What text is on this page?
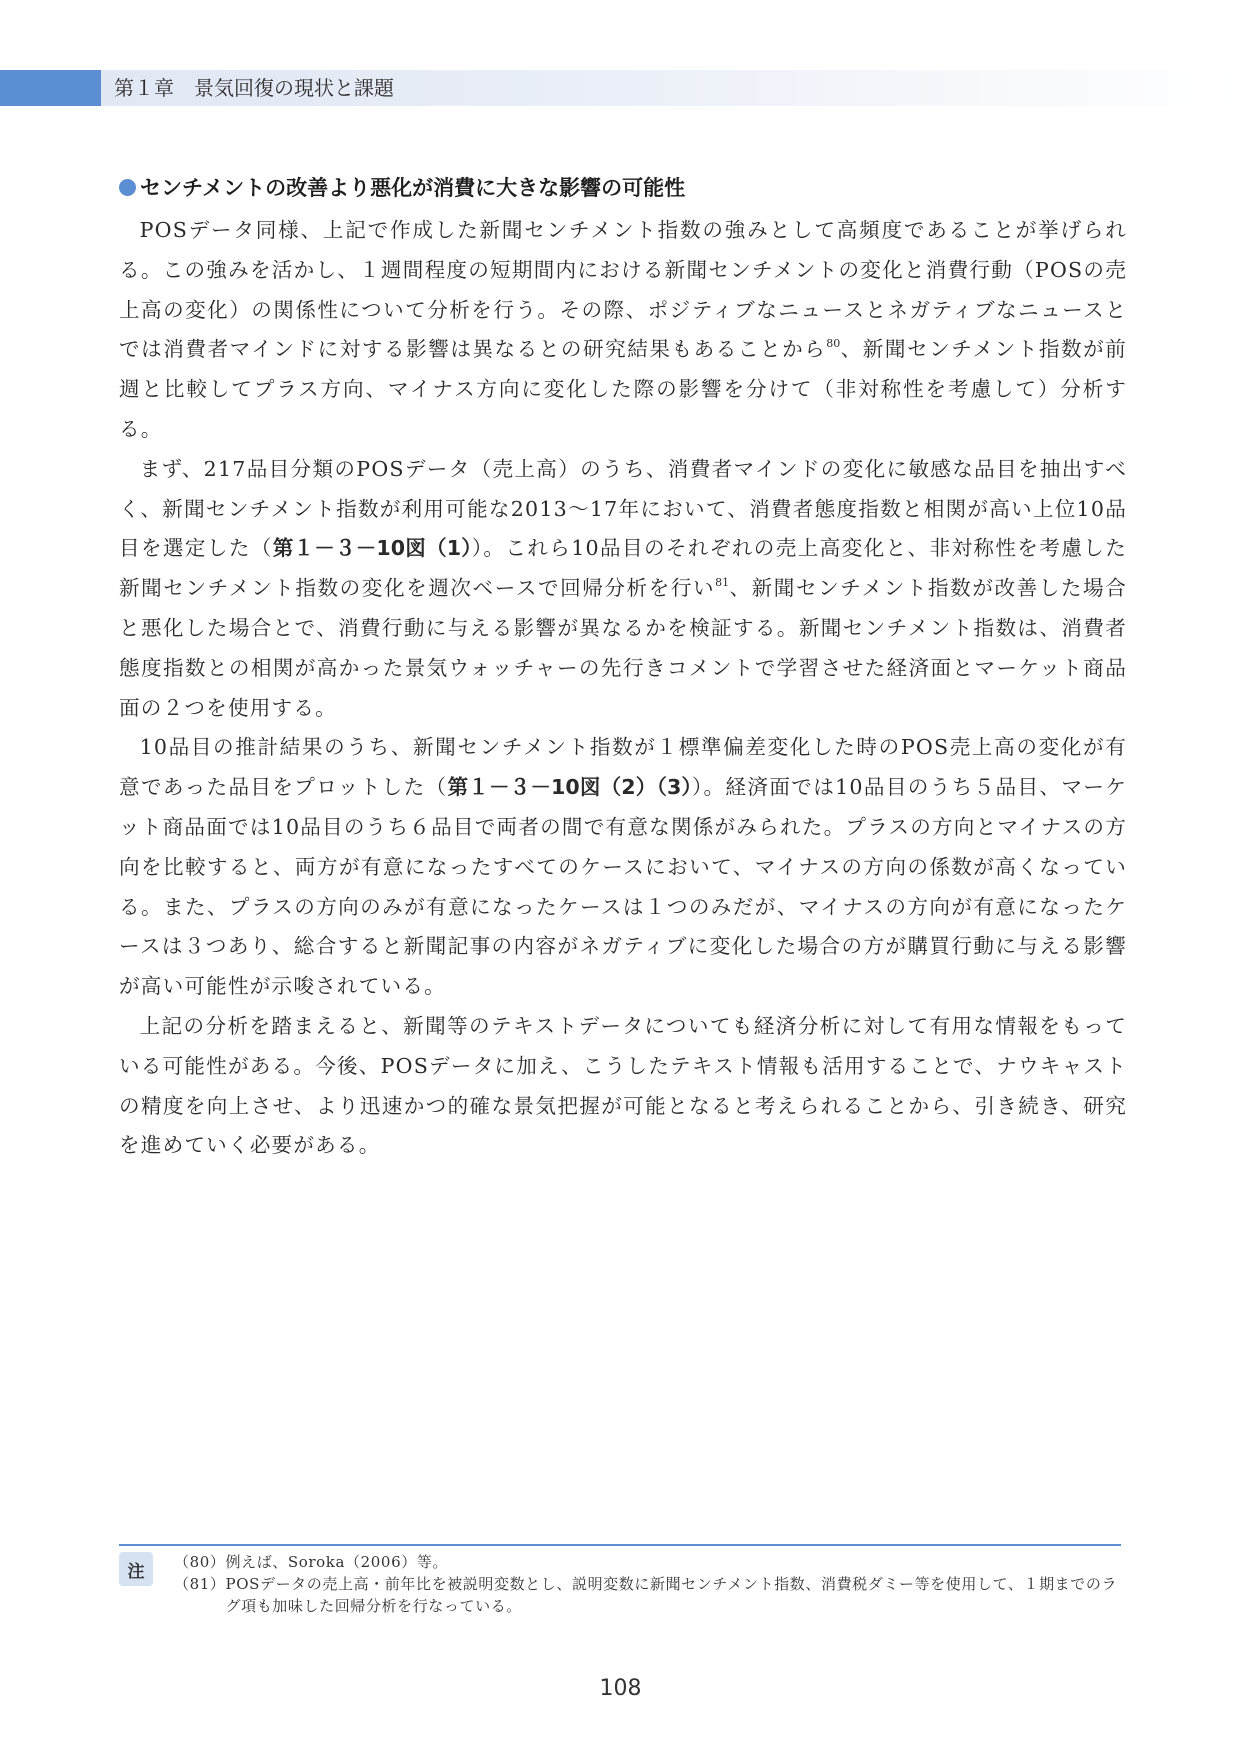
第１章　景気回復の現状と課題
センチメントの改善より悪化が消費に大きな影響の可能性

POSデータ同様、上記で作成した新聞センチメント指数の強みとして高頻度であることが挙げられる。この強みを活かし、１週間程度の短期間内における新聞センチメントの変化と消費行動（POSの売上高の変化）の関係性について分析を行う。その際、ポジティブなニュースとネガティブなニュースとでは消費者マインドに対する影響は異なるとの研究結果もあることから$^{80}$、新聞センチメント指数が前週と比較してプラス方向、マイナス方向に変化した際の影響を分けて（非対称性を考慮して）分析する。

まず、217品目分類のPOSデータ（売上高）のうち、消費者マインドの変化に敏感な品目を抽出すべく、新聞センチメント指数が利用可能な2013〜17年において、消費者態度指数と相関が高い上位10品目を選定した（第１－３－10図（1））。これら10品目のそれぞれの売上高変化と、非対称性を考慮した新聞センチメント指数の変化を週次ベースで回帰分析を行い$^{81}$、新聞センチメント指数が改善した場合と悪化した場合とで、消費行動に与える影響が異なるかを検証する。新聞センチメント指数は、消費者態度指数との相関が高かった景気ウォッチャーの先行きコメントで学習させた経済面とマーケット商品面の２つを使用する。

10品目の推計結果のうち、新聞センチメント指数が１標準偏差変化した時のPOS売上高の変化が有意であった品目をプロットした（第１－３－10図（2）（3））。経済面では10品目のうち５品目、マーケット商品面では10品目のうち６品目で両者の間で有意な関係がみられた。プラスの方向とマイナスの方向を比較すると、両方が有意になったすべてのケースにおいて、マイナスの方向の係数が高くなっている。また、プラスの方向のみが有意になったケースは１つのみだが、マイナスの方向が有意になったケースは３つあり、総合すると新聞記事の内容がネガティブに変化した場合の方が購買行動に与える影響が高い可能性が示唆されている。

上記の分析を踏まえると、新聞等のテキストデータについても経済分析に対して有用な情報をもっている可能性がある。今後、POSデータに加え、こうしたテキスト情報も活用することで、ナウキャストの精度を向上させ、より迅速かつ的確な景気把握が可能となると考えられることから、引き続き、研究を進めていく必要がある。

注	（80） 例えば、Soroka（2006）等。

（81） POSデータの売上高・前年比を被説明変数とし、説明変数に新聞センチメント指数、消費税ダミー等を使用して、１期までのラグ項も加味した回帰分析を行なっている。

108
